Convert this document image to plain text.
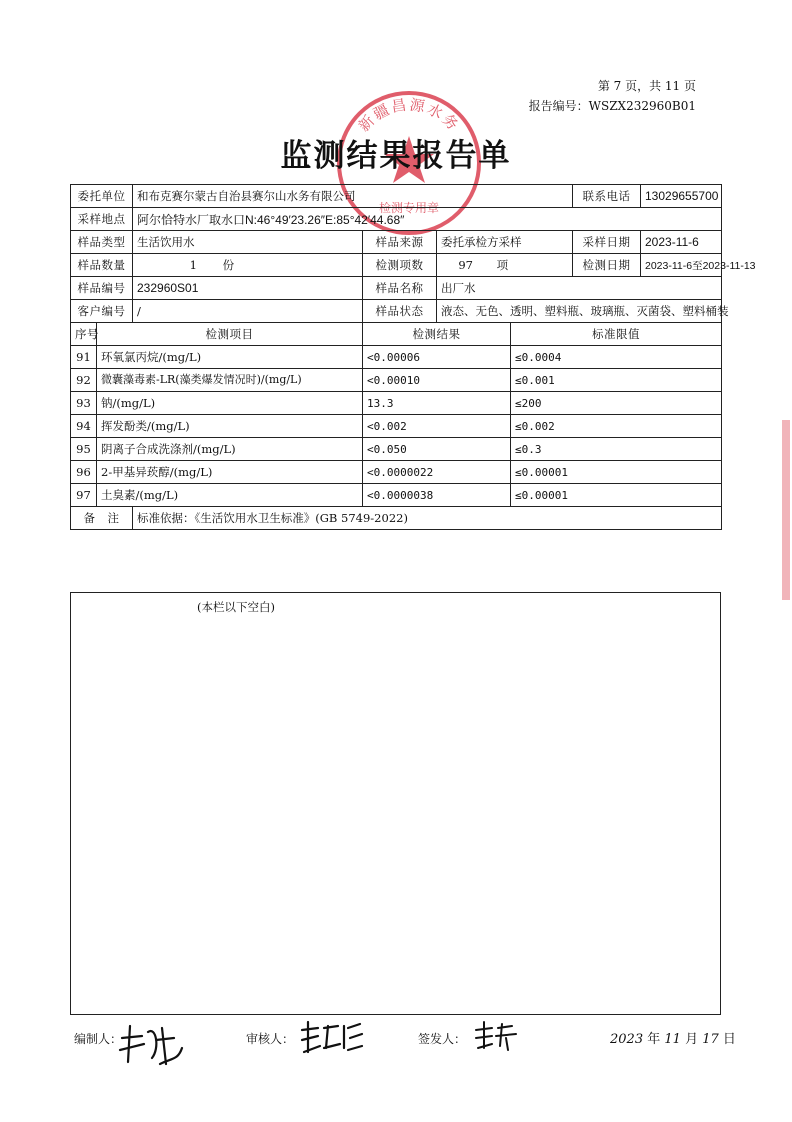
第 7 页，共 11 页
报告编号：WSZX232960B01
新疆昌源水务
检测专用章
监测结果报告单
委托单位		和布克赛尔蒙古自治县赛尔山水务有限公司				联系电话	13029655700
采样地点		阿尔恰特水厂取水口N:46°49′23.26″E:85°42′44.68″					
样品类型		生活饮用水	样品来源	委托承检方采样		采样日期	2023-11-6
样品数量		1 份	检测项数	97 项		检测日期	2023-11-6至2023-11-13
样品编号		232960S01	样品名称	出厂水			
客户编号		/	样品状态	液态、无色、透明、塑料瓶、玻璃瓶、灭菌袋、塑料桶装			
序号	检测项目		检测结果		标准限值		
91	环氧氯丙烷/(mg/L)		<0.00006		≤0.0004		
92	微囊藻毒素-LR(藻类爆发情况时)/(mg/L)		<0.00010		≤0.001		
93	钠/(mg/L)		13.3		≤200		
94	挥发酚类/(mg/L)		<0.002		≤0.002		
95	阴离子合成洗涤剂/(mg/L)		<0.050		≤0.3		
96	2-甲基异莰醇/(mg/L)		<0.0000022		≤0.00001		
97	土臭素/(mg/L)		<0.0000038		≤0.00001		
备　注		标准依据：《生活饮用水卫生标准》(GB 5749-2022)					
(本栏以下空白)
编制人：	审核人：	签发人：	2023 年 11 月 17 日
